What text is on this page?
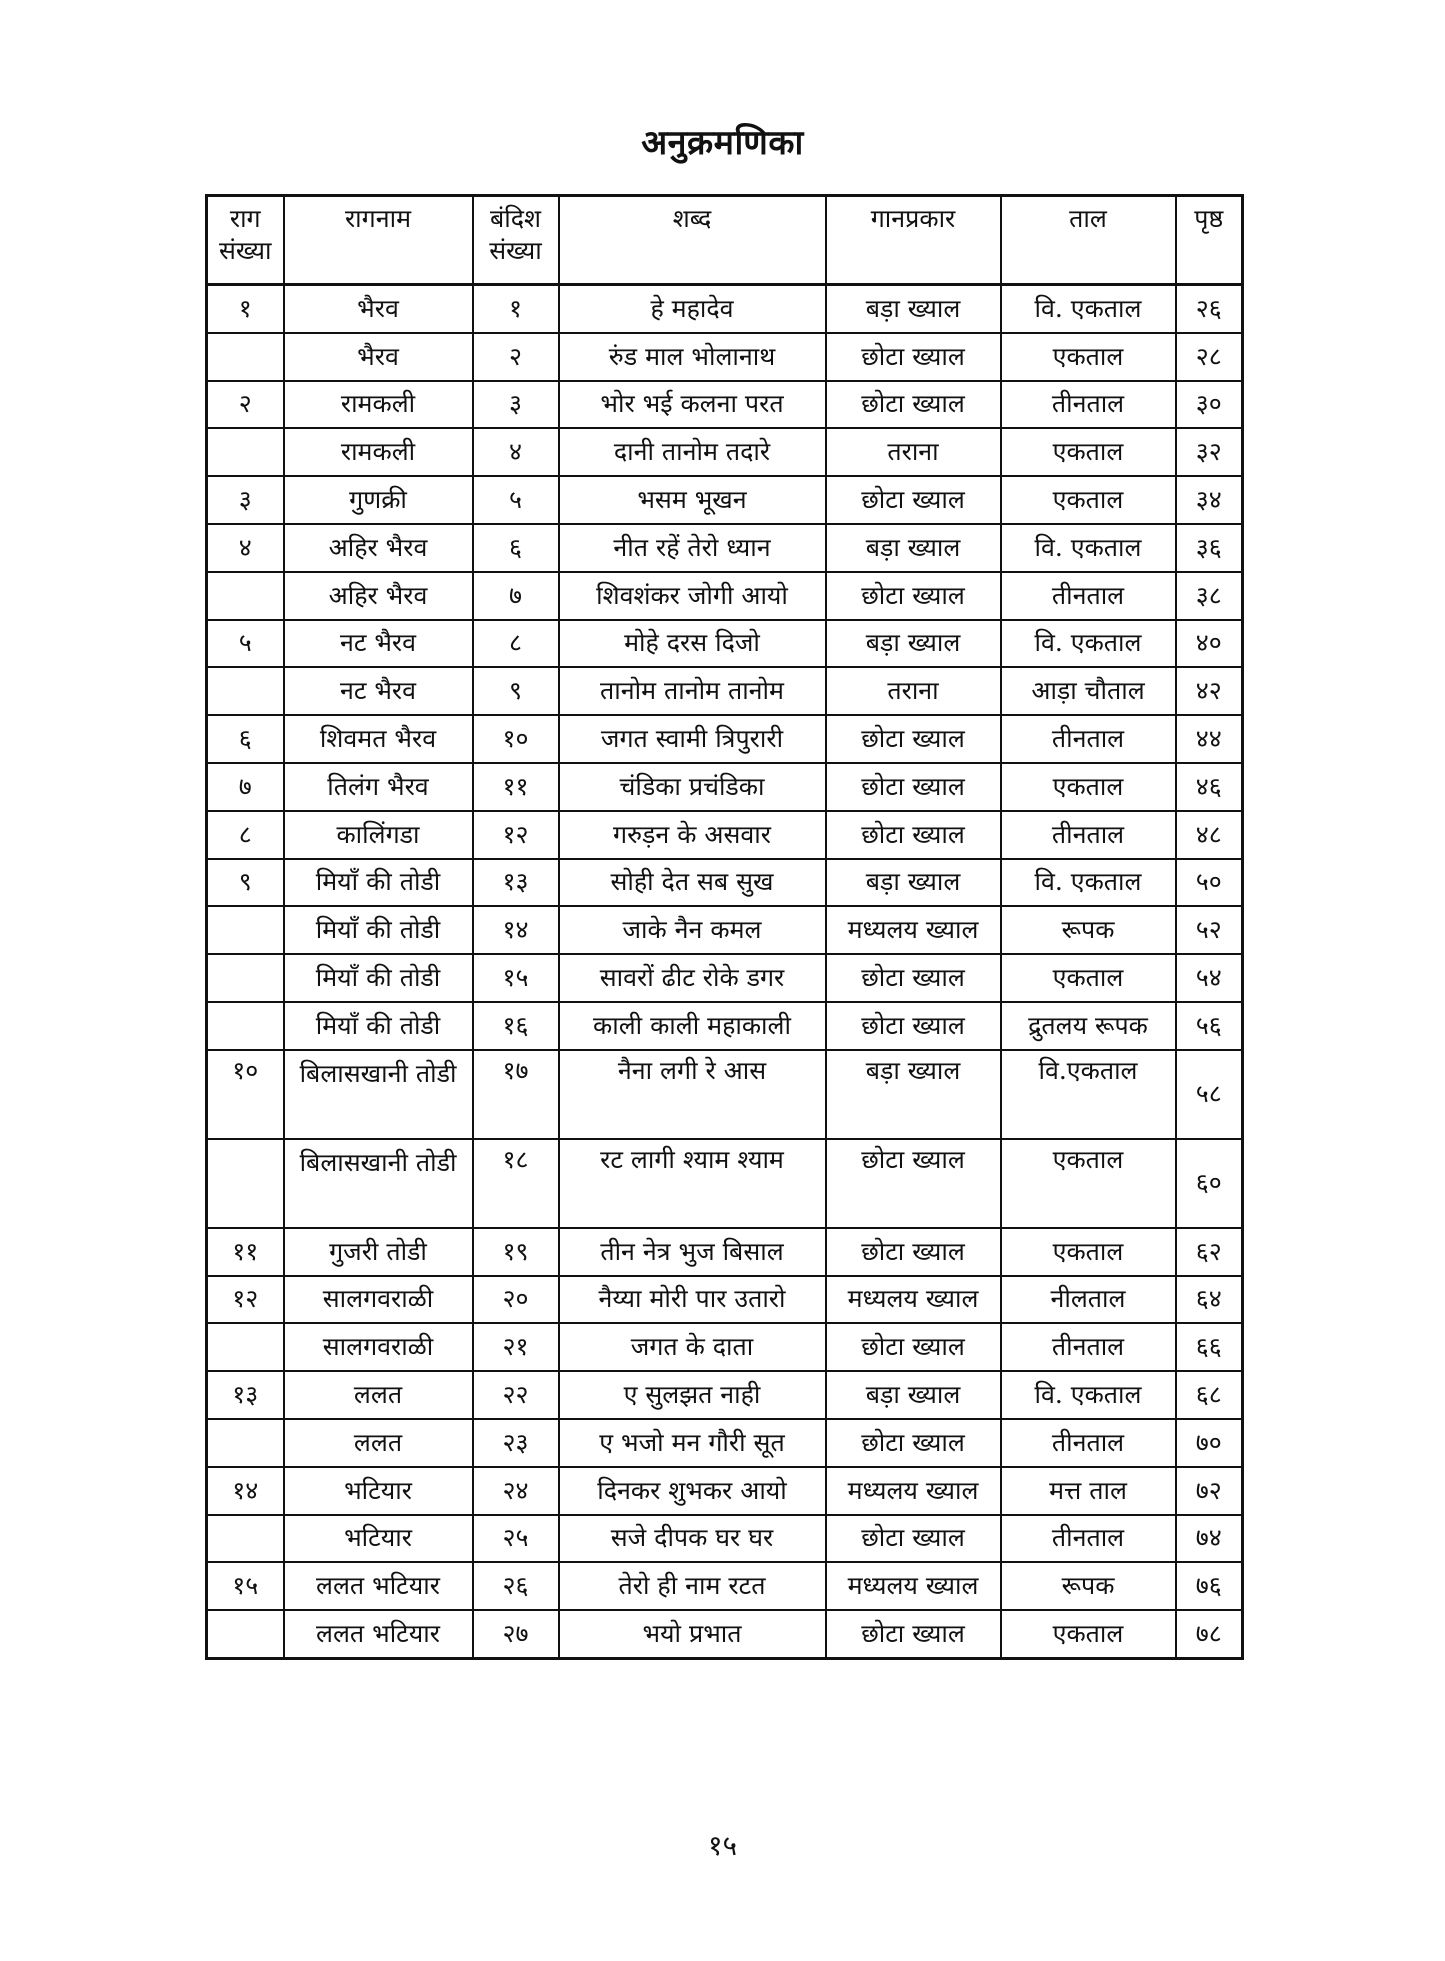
अनुक्रमणिका
राग संख्या	रागनाम	बंदिश संख्या	शब्द	गानप्रकार	ताल	पृष्ठ
१	भैरव	१	हे महादेव	बड़ा ख्याल	वि. एकताल	२६
	भैरव	२	रुंड माल भोलानाथ	छोटा ख्याल	एकताल	२८
२	रामकली	३	भोर भई कलना परत	छोटा ख्याल	तीनताल	३०
	रामकली	४	दानी तानोम तदारे	तराना	एकताल	३२
३	गुणक्री	५	भसम भूखन	छोटा ख्याल	एकताल	३४
४	अहिर भैरव	६	नीत रहें तेरो ध्यान	बड़ा ख्याल	वि. एकताल	३६
	अहिर भैरव	७	शिवशंकर जोगी आयो	छोटा ख्याल	तीनताल	३८
५	नट भैरव	८	मोहे दरस दिजो	बड़ा ख्याल	वि. एकताल	४०
	नट भैरव	९	तानोम तानोम तानोम	तराना	आड़ा चौताल	४२
६	शिवमत भैरव	१०	जगत स्वामी त्रिपुरारी	छोटा ख्याल	तीनताल	४४
७	तिलंग भैरव	११	चंडिका प्रचंडिका	छोटा ख्याल	एकताल	४६
८	कालिंगडा	१२	गरुड़न के असवार	छोटा ख्याल	तीनताल	४८
९	मियाँ की तोडी	१३	सोही देत सब सुख	बड़ा ख्याल	वि. एकताल	५०
	मियाँ की तोडी	१४	जाके नैन कमल	मध्यलय ख्याल	रूपक	५२
	मियाँ की तोडी	१५	सावरों ढीट रोके डगर	छोटा ख्याल	एकताल	५४
	मियाँ की तोडी	१६	काली काली महाकाली	छोटा ख्याल	द्रुतलय रूपक	५६
१०	बिलासखानी तोडी	१७	नैना लगी रे आस	बड़ा ख्याल	वि.एकताल	५८
	बिलासखानी तोडी	१८	रट लागी श्याम श्याम	छोटा ख्याल	एकताल	६०
११	गुजरी तोडी	१९	तीन नेत्र भुज बिसाल	छोटा ख्याल	एकताल	६२
१२	सालगवराळी	२०	नैय्या मोरी पार उतारो	मध्यलय ख्याल	नीलताल	६४
	सालगवराळी	२१	जगत के दाता	छोटा ख्याल	तीनताल	६६
१३	ललत	२२	ए सुलझत नाही	बड़ा ख्याल	वि. एकताल	६८
	ललत	२३	ए भजो मन गौरी सूत	छोटा ख्याल	तीनताल	७०
१४	भटियार	२४	दिनकर शुभकर आयो	मध्यलय ख्याल	मत्त ताल	७२
	भटियार	२५	सजे दीपक घर घर	छोटा ख्याल	तीनताल	७४
१५	ललत भटियार	२६	तेरो ही नाम रटत	मध्यलय ख्याल	रूपक	७६
	ललत भटियार	२७	भयो प्रभात	छोटा ख्याल	एकताल	७८
१५
